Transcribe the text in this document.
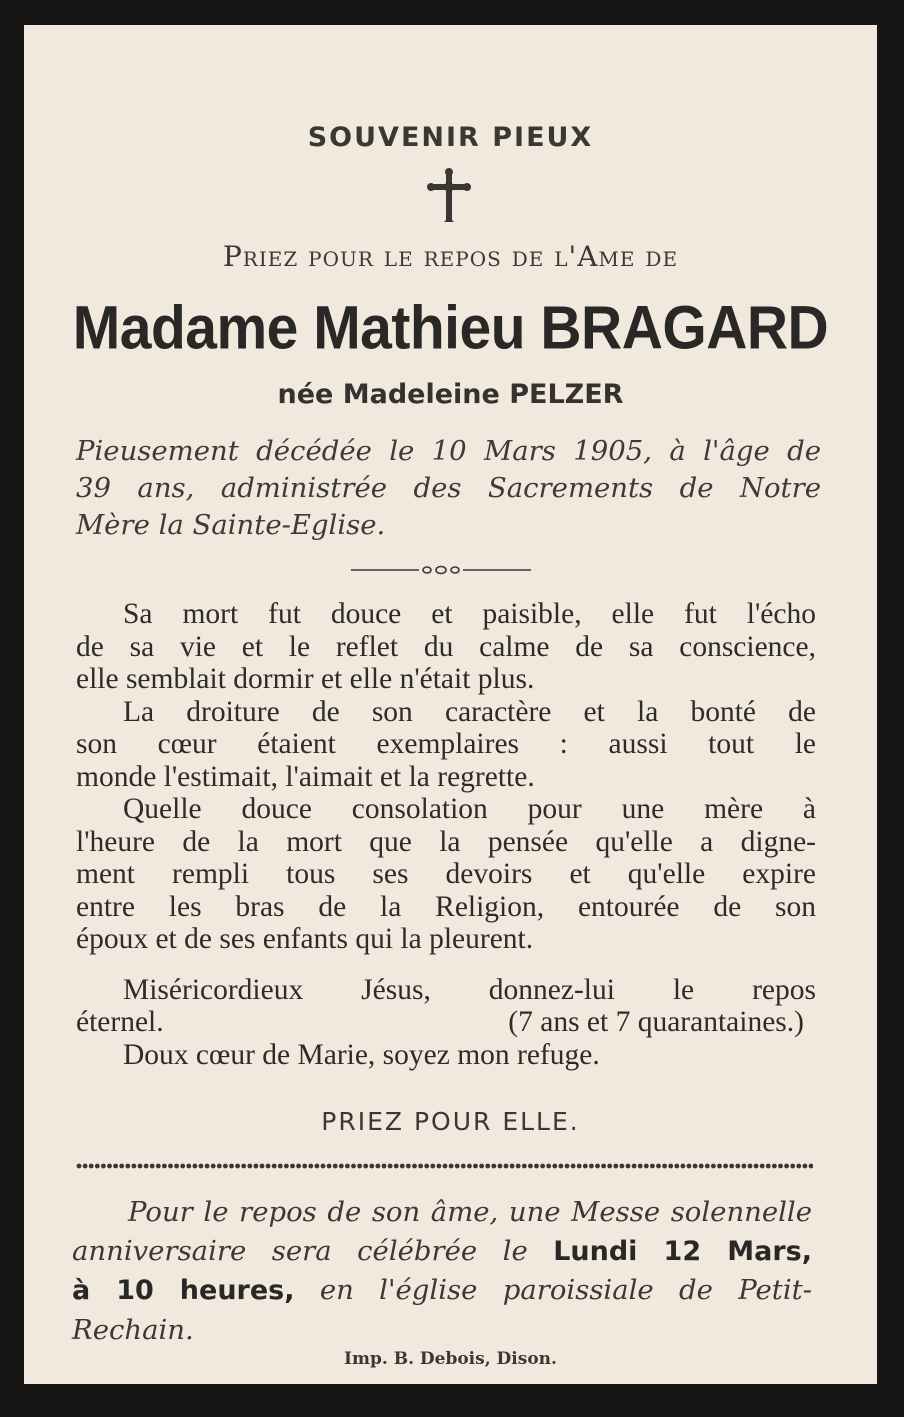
SOUVENIR PIEUX
Priez pour le repos de l'Ame de
Madame Mathieu BRAGARD
née Madeleine PELZER
Pieusement décédée le 10 Mars 1905, à l'âge de
39 ans, administrée des Sacrements de Notre
Mère la Sainte-Eglise.
Sa mort fut douce et paisible, elle fut l'écho
de sa vie et le reflet du calme de sa conscience,
elle semblait dormir et elle n'était plus.
La droiture de son caractère et la bonté de
son cœur étaient exemplaires : aussi tout le
monde l'estimait, l'aimait et la regrette.
Quelle douce consolation pour une mère à
l'heure de la mort que la pensée qu'elle a digne-
ment rempli tous ses devoirs et qu'elle expire
entre les bras de la Religion, entourée de son
époux et de ses enfants qui la pleurent.
Miséricordieux Jésus, donnez-lui le repos
éternel.	(7 ans et 7 quarantaines.)
Doux cœur de Marie, soyez mon refuge.
PRIEZ POUR ELLE.
Pour le repos de son âme, une Messe solennelle
anniversaire sera célébrée le Lundi 12 Mars,
à 10 heures, en l'église paroissiale de Petit-
Rechain.
Imp. B. Debois, Dison.
